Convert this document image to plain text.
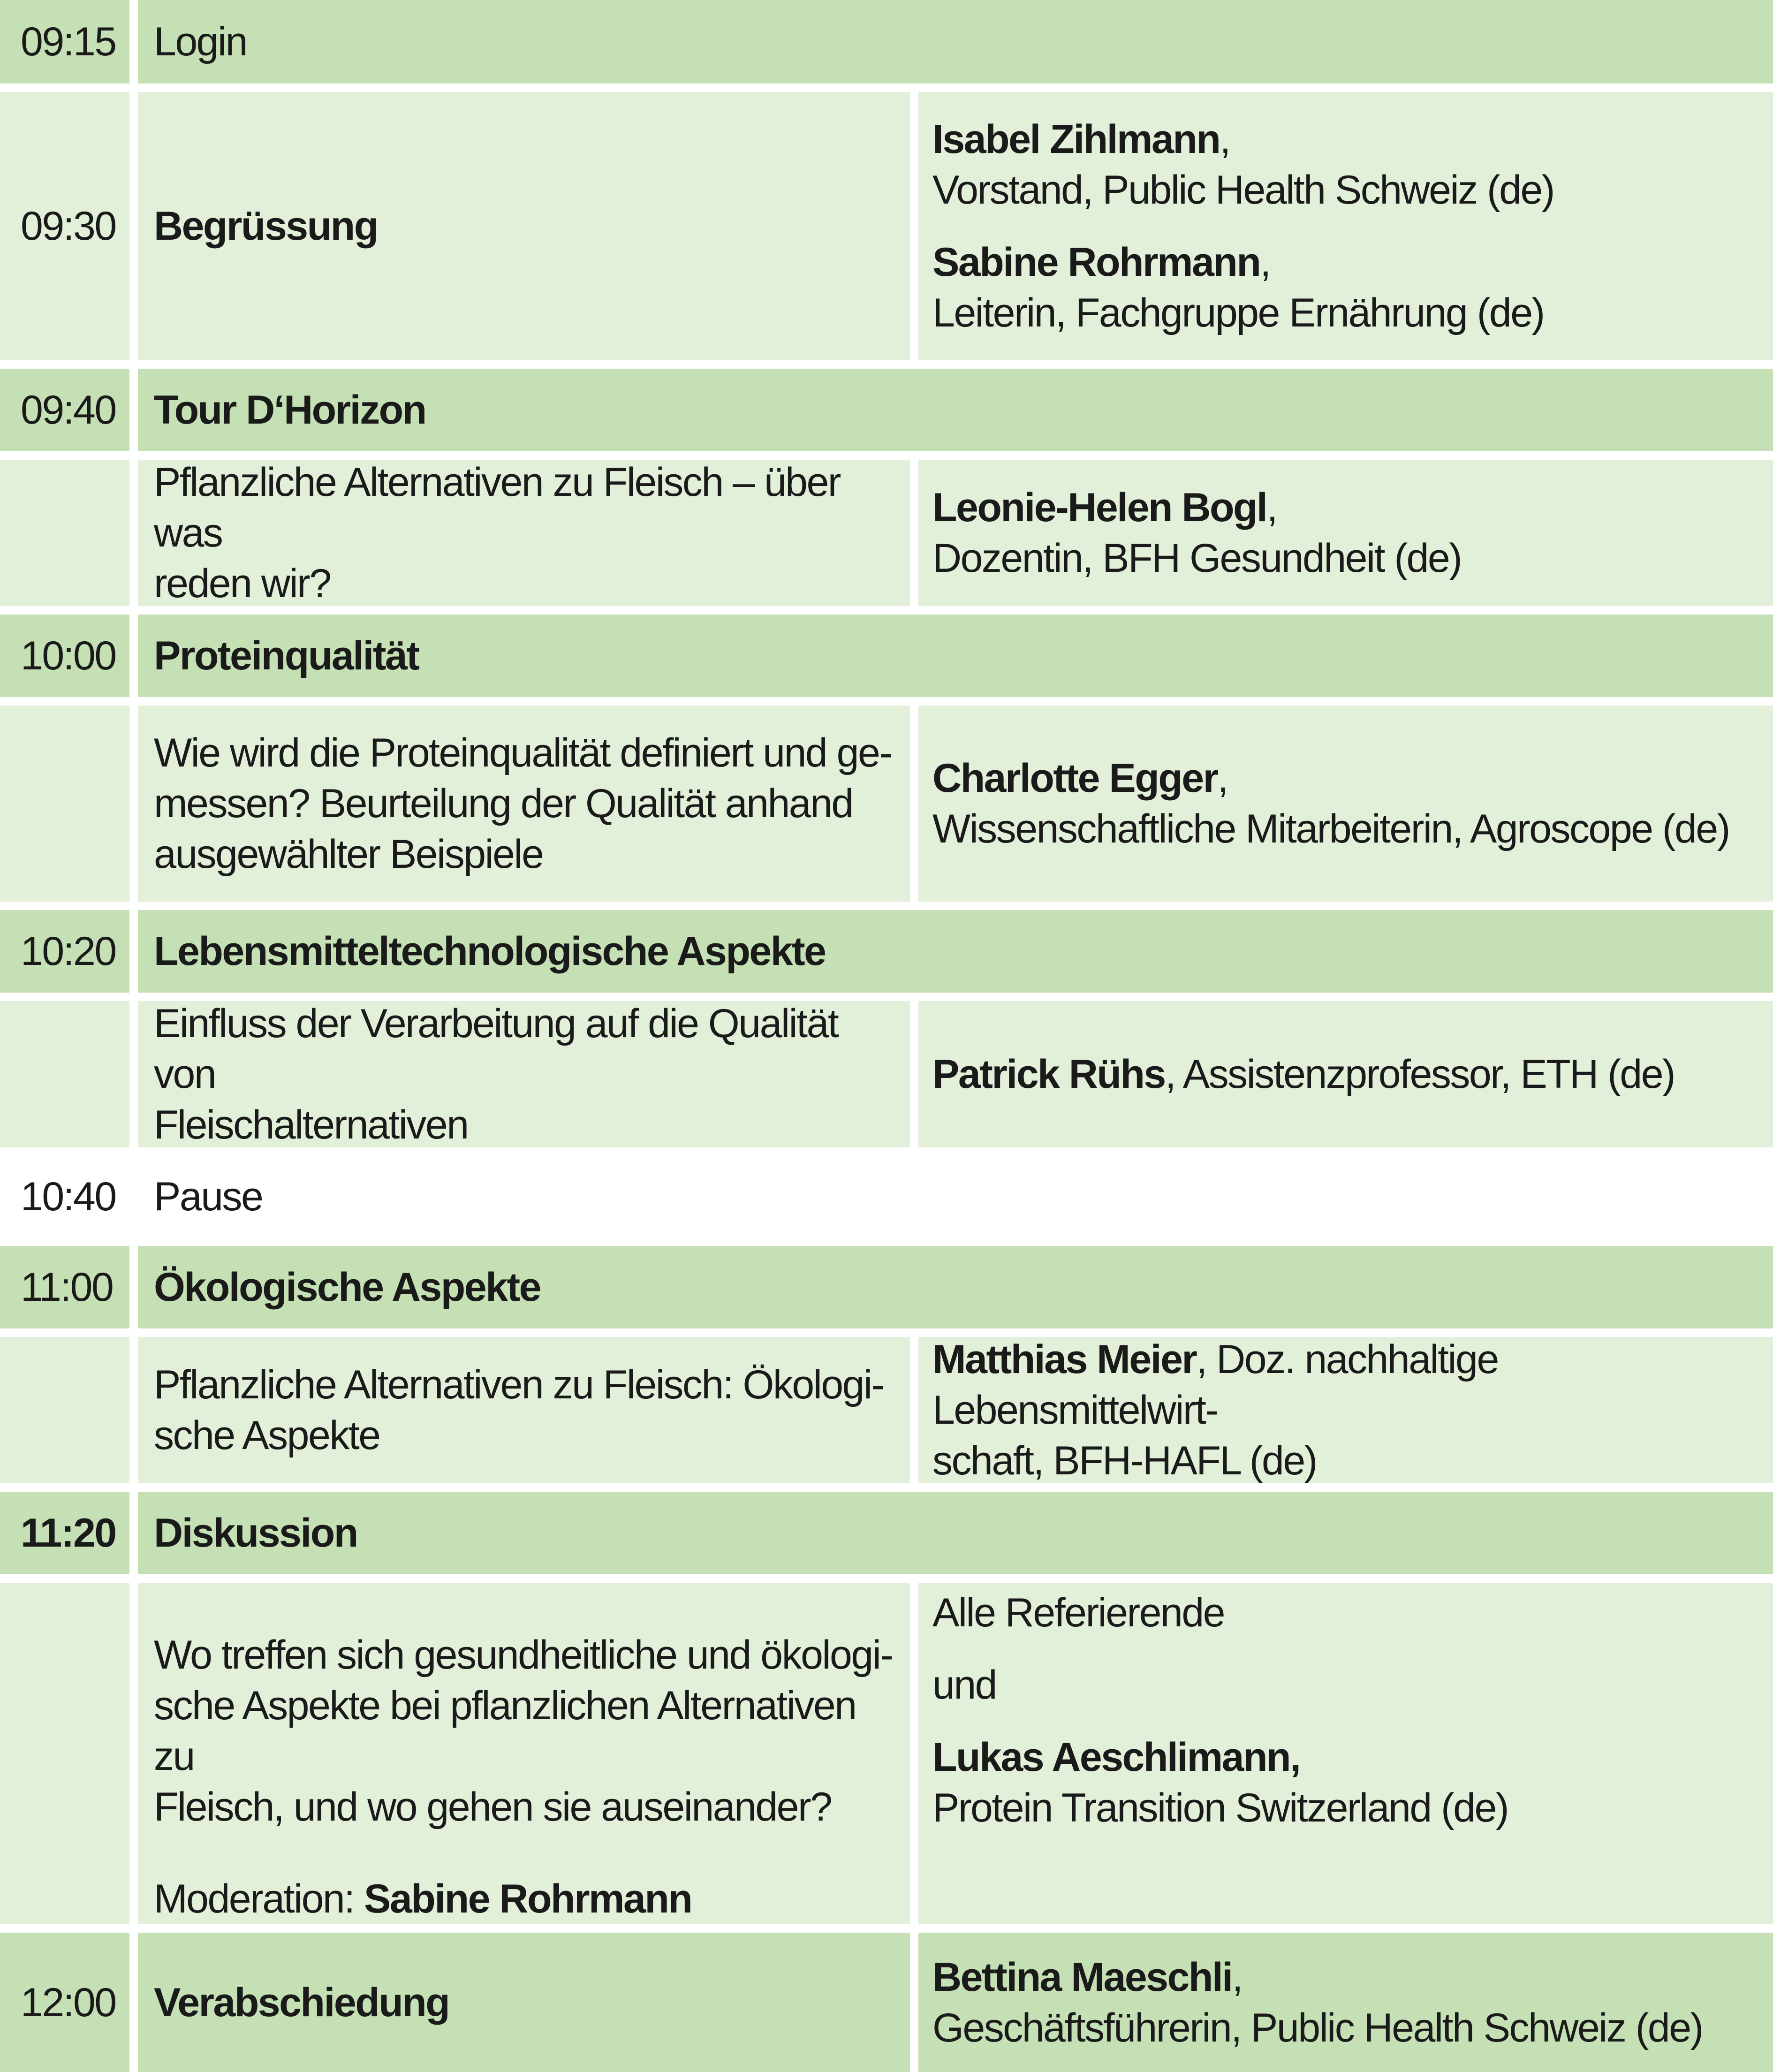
09:15 Login
09:30 Begrüssung
Isabel Zihlmann,
Vorstand, Public Health Schweiz (de)
Sabine Rohrmann,
Leiterin, Fachgruppe Ernährung (de)
09:40 Tour D‘Horizon
Pflanzliche Alternativen zu Fleisch – über was
reden wir?
Leonie-Helen Bogl,
Dozentin, BFH Gesundheit (de)
10:00 Proteinqualität
Wie wird die Proteinqualität definiert und ge-
messen? Beurteilung der Qualität anhand
ausgewählter Beispiele
Charlotte Egger,
Wissenschaftliche Mitarbeiterin, Agroscope (de)
10:20 Lebensmitteltechnologische Aspekte
Einfluss der Verarbeitung auf die Qualität von
Fleischalternativen
Patrick Rühs, Assistenzprofessor, ETH (de)
10:40 Pause
11:00	Ökologische Aspekte
Pflanzliche Alternativen zu Fleisch: Ökologi-
sche Aspekte
Matthias Meier, Doz. nachhaltige Lebensmittelwirt-
schaft, BFH-HAFL (de)
11:20 Diskussion
Wo treffen sich gesundheitliche und ökologi-
sche Aspekte bei pflanzlichen Alternativen zu
Fleisch, und wo gehen sie auseinander?
Moderation: Sabine Rohrmann
Alle Referierende
und
Lukas Aeschlimann,
Protein Transition Switzerland (de)
12:00 Verabschiedung
Bettina Maeschli,
Geschäftsführerin, Public Health Schweiz (de)
